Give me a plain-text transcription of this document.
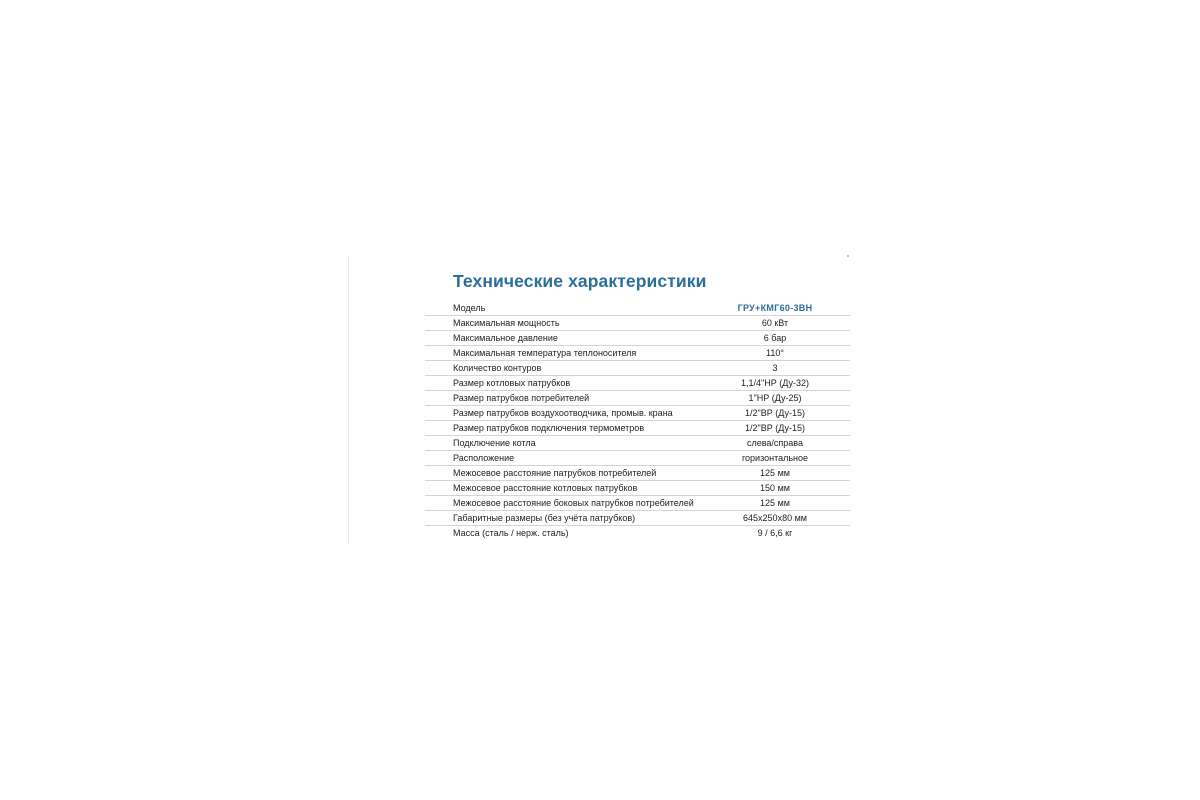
Технические характеристики
Модель	ГРУ+КМГ60-3ВН
Максимальная мощность	60 кВт
Максимальное давление	6 бар
Максимальная температура теплоносителя	110°
Количество контуров	3
Размер котловых патрубков	1,1/4"НР (Ду-32)
Размер патрубков потребителей	1"НР (Ду-25)
Размер патрубков воздухоотводчика, промыв. крана	1/2"ВР (Ду-15)
Размер патрубков подключения термометров	1/2"ВР (Ду-15)
Подключение котла	слева/справа
Расположение	горизонтальное
Межосевое расстояние патрубков потребителей	125 мм
Межосевое расстояние котловых патрубков	150 мм
Межосевое расстояние боковых патрубков потребителей	125 мм
Габаритные размеры (без учёта патрубков)	645х250х80 мм
Масса (сталь / нерж. сталь)	9 / 6,6 кг
